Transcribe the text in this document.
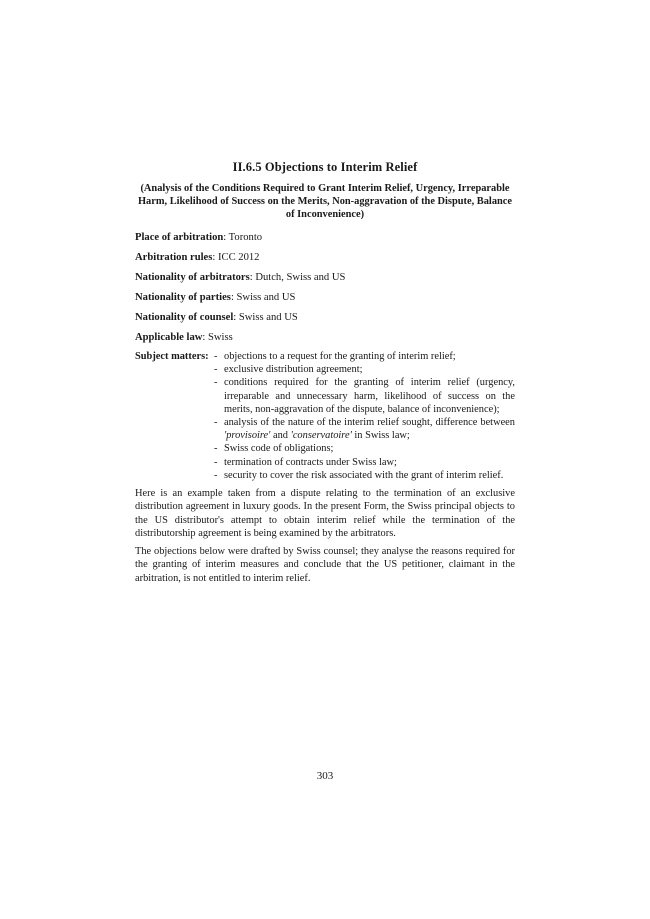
II.6.5 Objections to Interim Relief
(Analysis of the Conditions Required to Grant Interim Relief, Urgency, Irreparable Harm, Likelihood of Success on the Merits, Non-aggravation of the Dispute, Balance of Inconvenience)
Place of arbitration: Toronto
Arbitration rules: ICC 2012
Nationality of arbitrators: Dutch, Swiss and US
Nationality of parties: Swiss and US
Nationality of counsel: Swiss and US
Applicable law: Swiss
Subject matters: - objections to a request for the granting of interim relief;
- exclusive distribution agreement;
- conditions required for the granting of interim relief (urgency, irreparable and unnecessary harm, likelihood of success on the merits, non-aggravation of the dispute, balance of inconvenience);
- analysis of the nature of the interim relief sought, difference between 'provisoire' and 'conservatoire' in Swiss law;
- Swiss code of obligations;
- termination of contracts under Swiss law;
- security to cover the risk associated with the grant of interim relief.

Here is an example taken from a dispute relating to the termination of an exclusive distribution agreement in luxury goods. In the present Form, the Swiss principal objects to the US distributor's attempt to obtain interim relief while the termination of the distributorship agreement is being examined by the arbitrators.

The objections below were drafted by Swiss counsel; they analyse the reasons required for the granting of interim measures and conclude that the US petitioner, claimant in the arbitration, is not entitled to interim relief.

303
